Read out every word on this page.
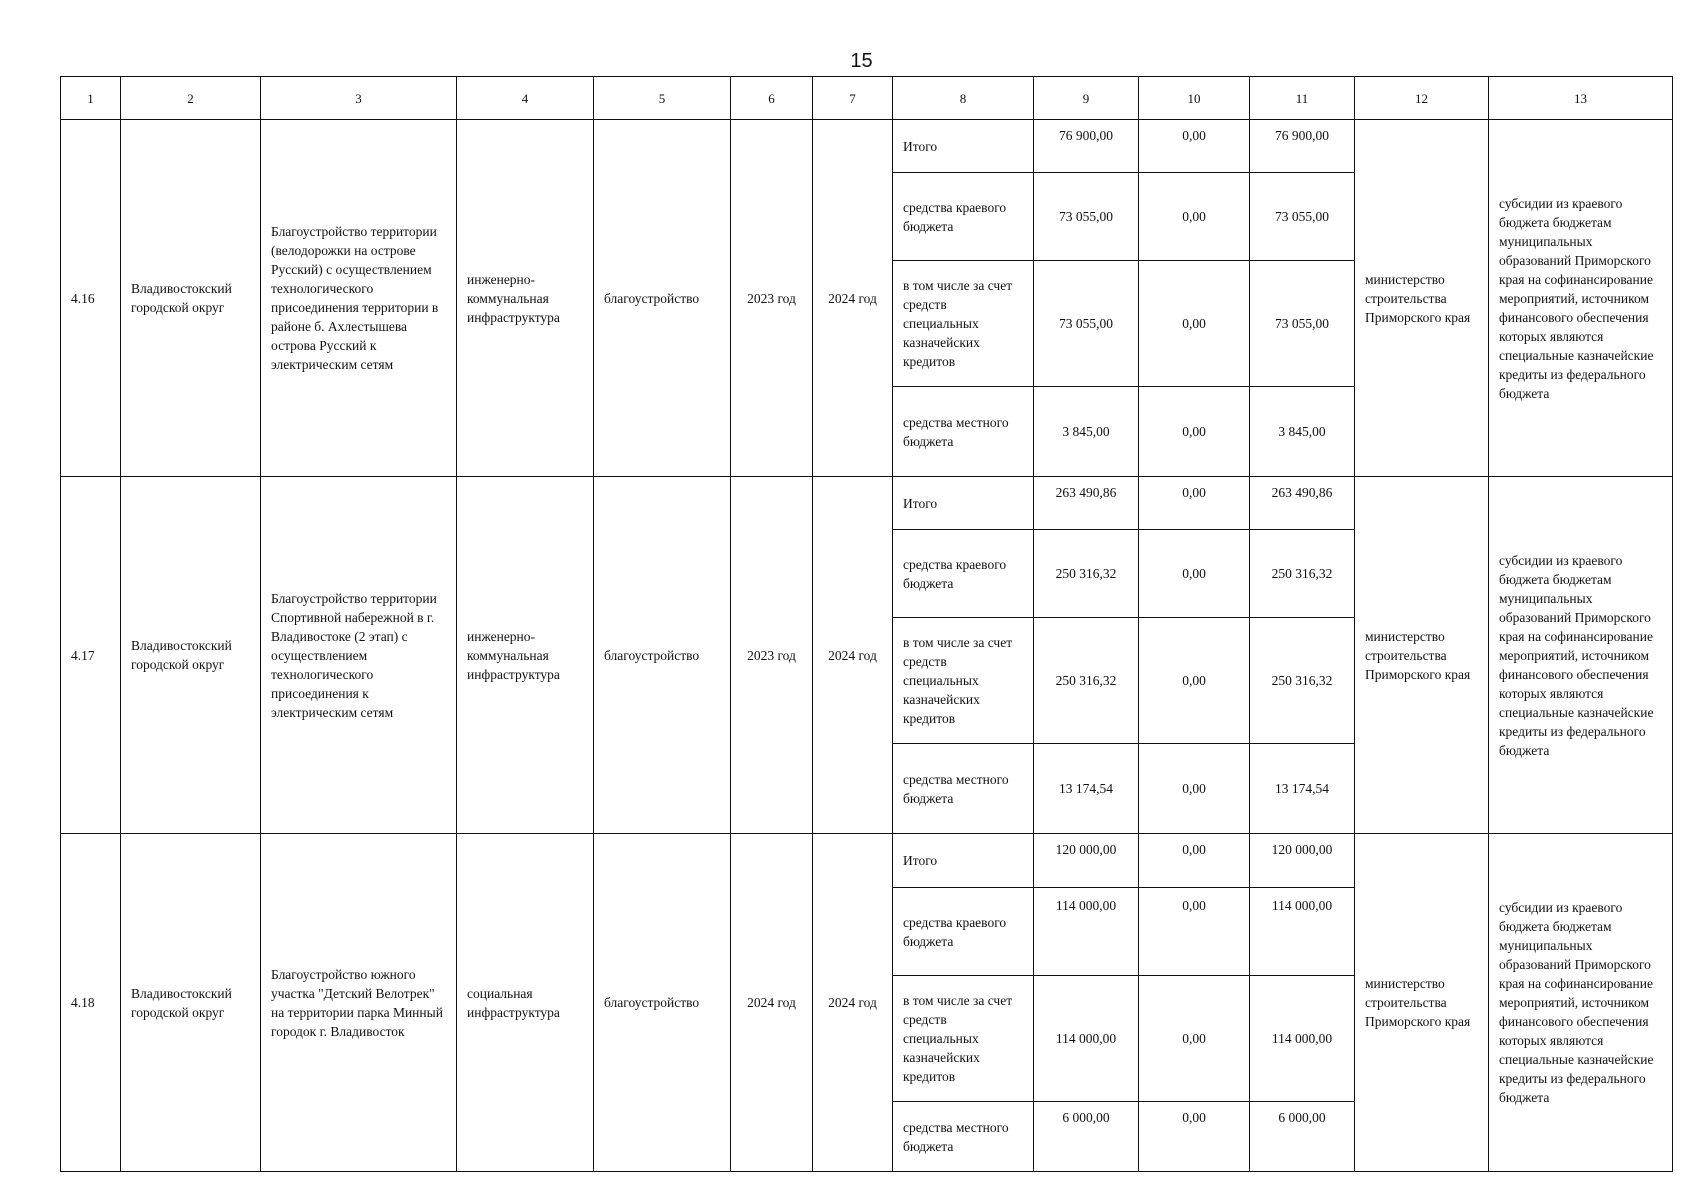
15
1	2	3	4	5	6	7	8	9	10	11	12	13
4.16	Владивостокский городской округ	Благоустройство территории (велодорожки на острове Русский) с осуществлением технологического присоединения территории в районе б. Ахлестышева острова Русский к электрическим сетям	инженерно-коммунальная инфраструктура	благоустройство	2023 год	2024 год	Итого	76 900,00	0,00	76 900,00	министерство строительства Приморского края	субсидии из краевого бюджета бюджетам муниципальных образований Приморского края на софинансирование мероприятий, источником финансового обеспечения которых являются специальные казначейские кредиты из федерального бюджета
							средства краевого бюджета	73 055,00	0,00	73 055,00		
							в том числе за счет средств специальных казначейских кредитов	73 055,00	0,00	73 055,00		
							средства местного бюджета	3 845,00	0,00	3 845,00		
4.17	Владивостокский городской округ	Благоустройство территории Спортивной набережной в г. Владивостоке (2 этап) с осуществлением технологического присоединения к электрическим сетям	инженерно-коммунальная инфраструктура	благоустройство	2023 год	2024 год	Итого	263 490,86	0,00	263 490,86	министерство строительства Приморского края	субсидии из краевого бюджета бюджетам муниципальных образований Приморского края на софинансирование мероприятий, источником финансового обеспечения которых являются специальные казначейские кредиты из федерального бюджета
							средства краевого бюджета	250 316,32	0,00	250 316,32		
							в том числе за счет средств специальных казначейских кредитов	250 316,32	0,00	250 316,32		
							средства местного бюджета	13 174,54	0,00	13 174,54		
4.18	Владивостокский городской округ	Благоустройство южного участка "Детский Велотрек" на территории парка Минный городок г. Владивосток	социальная инфраструктура	благоустройство	2024 год	2024 год	Итого	120 000,00	0,00	120 000,00	министерство строительства Приморского края	субсидии из краевого бюджета бюджетам муниципальных образований Приморского края на софинансирование мероприятий, источником финансового обеспечения которых являются специальные казначейские кредиты из федерального бюджета
							средства краевого бюджета	114 000,00	0,00	114 000,00		
							в том числе за счет средств специальных казначейских кредитов	114 000,00	0,00	114 000,00		
							средства местного бюджета	6 000,00	0,00	6 000,00		
